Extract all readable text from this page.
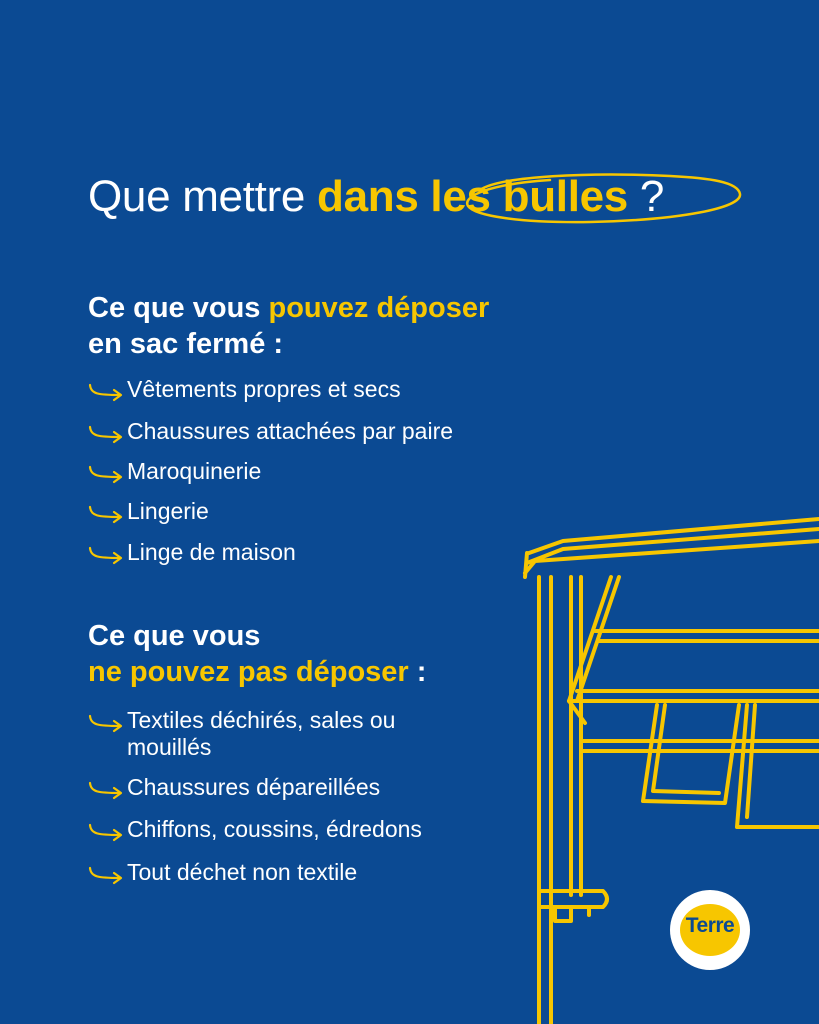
Que mettre dans les bulles ?
Ce que vous pouvez déposer
en sac fermé :
Vêtements propres et secs
Chaussures attachées par paire
Maroquinerie
Lingerie
Linge de maison
Ce que vous
ne pouvez pas déposer :
Textiles déchirés, sales ou
mouillés
Chaussures dépareillées
Chiffons, coussins, édredons
Tout déchet non textile
Terre
